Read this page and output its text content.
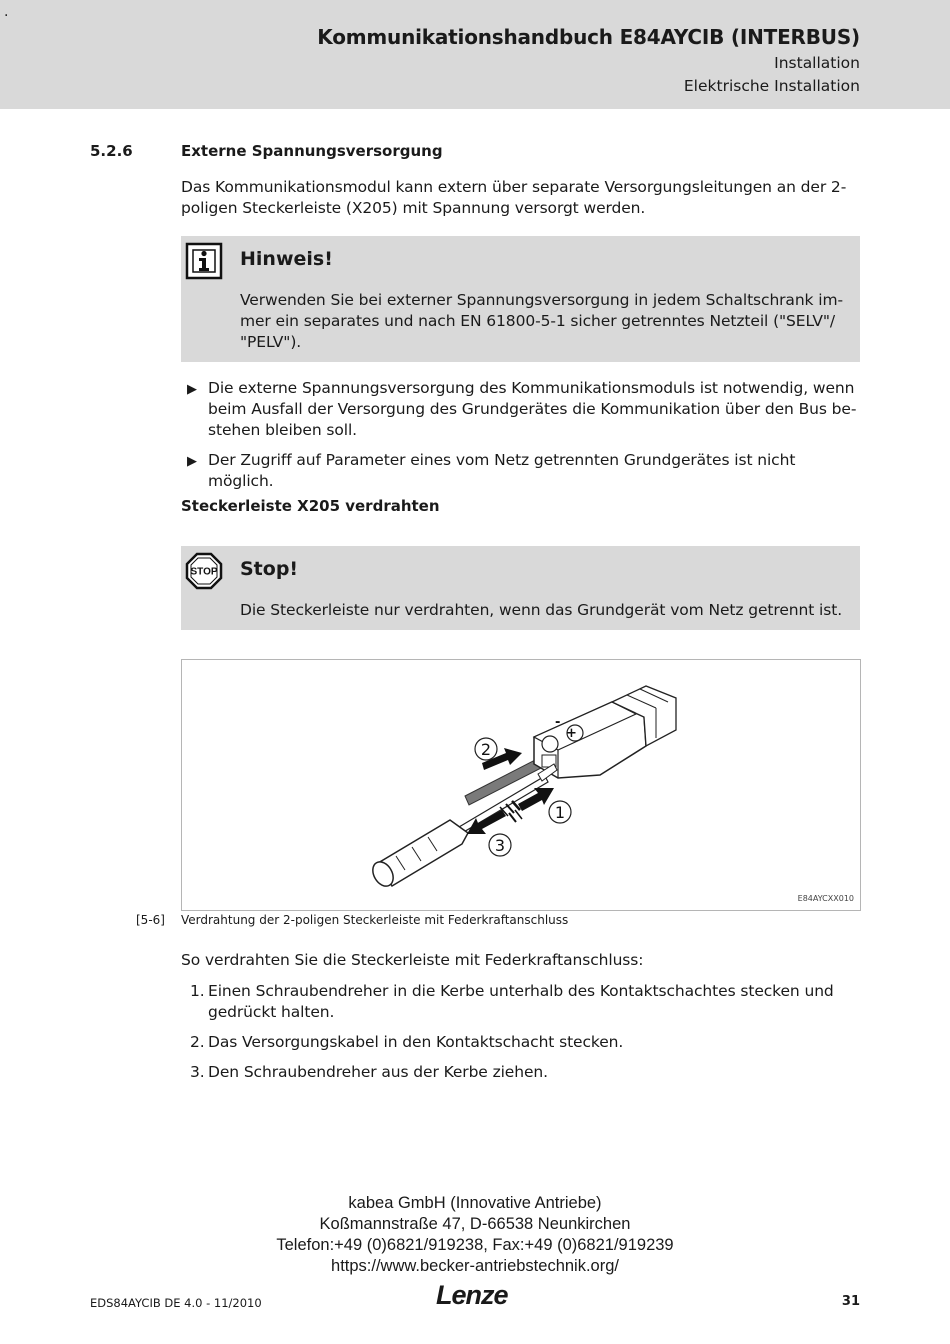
.
Kommunikationshandbuch E84AYCIB (INTERBUS)
Installation
Elektrische Installation
5.2.6	Externe Spannungsversorgung

Das Kommunikationsmodul kann extern über separate Versorgungsleitungen an der 2-poligen Steckerleiste (X205) mit Spannung versorgt werden.

Hinweis!

Verwenden Sie bei externer Spannungsversorgung in jedem Schaltschrank immer ein separates und nach EN 61800-5-1 sicher getrenntes Netzteil ("SELV"/ "PELV").

▶ Die externe Spannungsversorgung des Kommunikationsmoduls ist notwendig, wenn beim Ausfall der Versorgung des Grundgerätes die Kommunikation über den Bus bestehen bleiben soll.
▶ Der Zugriff auf Parameter eines vom Netz getrennten Grundgerätes ist nicht möglich.
Steckerleiste X205 verdrahten
STOP Stop!

Die Steckerleiste nur verdrahten, wenn das Grundgerät vom Netz getrennt ist.

-
+
2
1
3
E84AYCXX010
[5-6] Verdrahtung der 2-poligen Steckerleiste mit Federkraftanschluss

So verdrahten Sie die Steckerleiste mit Federkraftanschluss:

1. Einen Schraubendreher in die Kerbe unterhalb des Kontaktschachtes stecken und gedrückt halten.
2. Das Versorgungskabel in den Kontaktschacht stecken.
3. Den Schraubendreher aus der Kerbe ziehen.
kabea GmbH (Innovative Antriebe)
Koßmannstraße 47, D-66538 Neunkirchen
Telefon:+49 (0)6821/919238, Fax:+49 (0)6821/919239
https://www.becker-antriebstechnik.org/
EDS84AYCIB DE 4.0 - 11/2010	Lenze	31
